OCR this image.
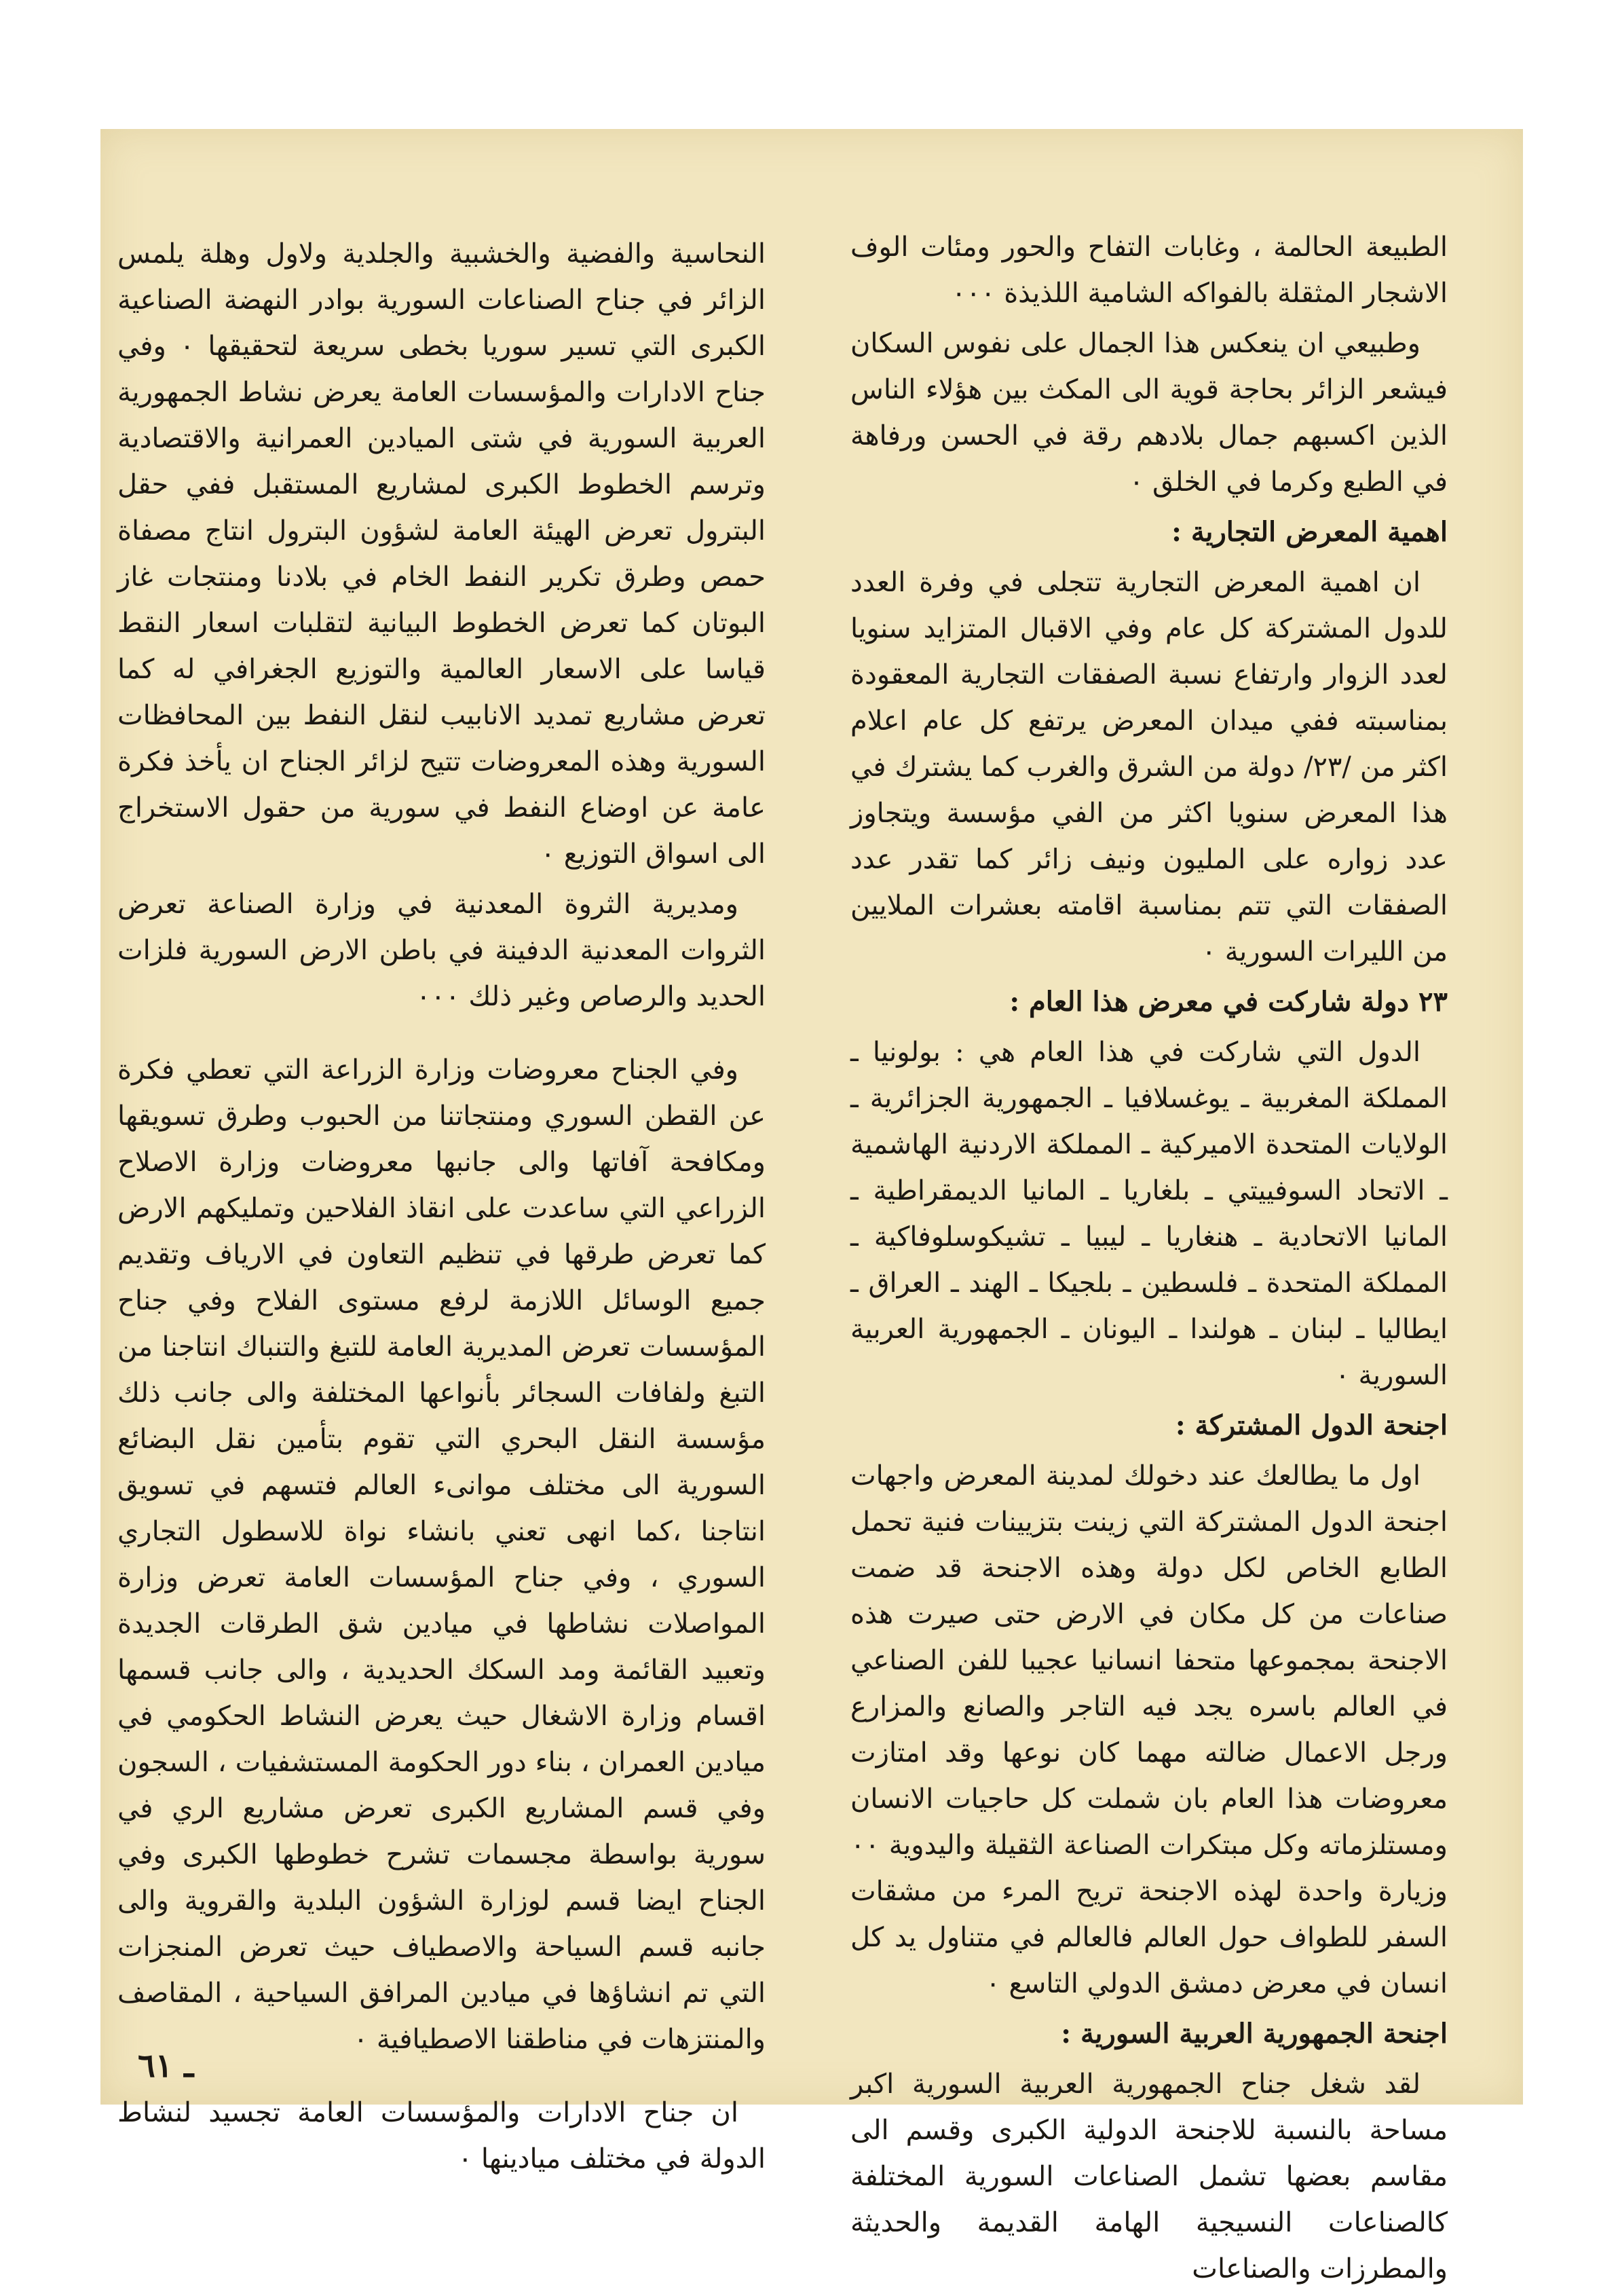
الطبيعة الحالمة ، وغابات التفاح والحور ومئات الوف الاشجار المثقلة بالفواكه الشامية اللذيذة ٠٠٠

وطبيعي ان ينعكس هذا الجمال على نفوس السكان فيشعر الزائر بحاجة قوية الى المكث بين هؤلاء الناس الذين اكسبهم جمال بلادهم رقة في الحسن ورفاهة في الطبع وكرما في الخلق ٠

اهمية المعرض التجارية :

ان اهمية المعرض التجارية تتجلى في وفرة العدد للدول المشتركة كل عام وفي الاقبال المتزايد سنويا لعدد الزوار وارتفاع نسبة الصفقات التجارية المعقودة بمناسبته ففي ميدان المعرض يرتفع كل عام اعلام اكثر من /٢٣/ دولة من الشرق والغرب كما يشترك في هذا المعرض سنويا اكثر من الفي مؤسسة ويتجاوز عدد زواره على المليون ونيف زائر كما تقدر عدد الصفقات التي تتم بمناسبة اقامته بعشرات الملايين من الليرات السورية ٠

٢٣ دولة شاركت في معرض هذا العام :

الدول التي شاركت في هذا العام هي : بولونيا ـ المملكة المغربية ـ يوغسلافيا ـ الجمهورية الجزائرية ـ الولايات المتحدة الاميركية ـ المملكة الاردنية الهاشمية ـ الاتحاد السوفييتي ـ بلغاريا ـ المانيا الديمقراطية ـ المانيا الاتحادية ـ هنغاريا ـ ليبيا ـ تشيكوسلوفاكية ـ المملكة المتحدة ـ فلسطين ـ بلجيكا ـ الهند ـ العراق ـ ايطاليا ـ لبنان ـ هولندا ـ اليونان ـ الجمهورية العربية السورية ٠

اجنحة الدول المشتركة :

اول ما يطالعك عند دخولك لمدينة المعرض واجهات اجنحة الدول المشتركة التي زينت بتزيينات فنية تحمل الطابع الخاص لكل دولة وهذه الاجنحة قد ضمت صناعات من كل مكان في الارض حتى صيرت هذه الاجنحة بمجموعها متحفا انسانيا عجيبا للفن الصناعي في العالم باسره يجد فيه التاجر والصانع والمزارع ورجل الاعمال ضالته مهما كان نوعها وقد امتازت معروضات هذا العام بان شملت كل حاجيات الانسان ومستلزماته وكل مبتكرات الصناعة الثقيلة واليدوية ٠٠ وزيارة واحدة لهذه الاجنحة تريح المرء من مشقات السفر للطواف حول العالم فالعالم في متناول يد كل انسان في معرض دمشق الدولي التاسع ٠

اجنحة الجمهورية العربية السورية :

لقد شغل جناح الجمهورية العربية السورية اكبر مساحة بالنسبة للاجنحة الدولية الكبرى وقسم الى مقاسم بعضها تشمل الصناعات السورية المختلفة كالصناعات النسيجية الهامة القديمة والحديثة والمطرزات والصناعات

النحاسية والفضية والخشبية والجلدية ولاول وهلة يلمس الزائر في جناح الصناعات السورية بوادر النهضة الصناعية الكبرى التي تسير سوريا بخطى سريعة لتحقيقها ٠ وفي جناح الادارات والمؤسسات العامة يعرض نشاط الجمهورية العربية السورية في شتى الميادين العمرانية والاقتصادية وترسم الخطوط الكبرى لمشاريع المستقبل ففي حقل البترول تعرض الهيئة العامة لشؤون البترول انتاج مصفاة حمص وطرق تكرير النفط الخام في بلادنا ومنتجات غاز البوتان كما تعرض الخطوط البيانية لتقلبات اسعار النقط قياسا على الاسعار العالمية والتوزيع الجغرافي له كما تعرض مشاريع تمديد الانابيب لنقل النفط بين المحافظات السورية وهذه المعروضات تتيح لزائر الجناح ان يأخذ فكرة عامة عن اوضاع النفط في سورية من حقول الاستخراج الى اسواق التوزيع ٠

ومديرية الثروة المعدنية في وزارة الصناعة تعرض الثروات المعدنية الدفينة في باطن الارض السورية فلزات الحديد والرصاص وغير ذلك ٠٠٠

وفي الجناح معروضات وزارة الزراعة التي تعطي فكرة عن القطن السوري ومنتجاتنا من الحبوب وطرق تسويقها ومكافحة آفاتها والى جانبها معروضات وزارة الاصلاح الزراعي التي ساعدت على انقاذ الفلاحين وتمليكهم الارض كما تعرض طرقها في تنظيم التعاون في الارياف وتقديم جميع الوسائل اللازمة لرفع مستوى الفلاح وفي جناح المؤسسات تعرض المديرية العامة للتبغ والتنباك انتاجنا من التبغ ولفافات السجائر بأنواعها المختلفة والى جانب ذلك مؤسسة النقل البحري التي تقوم بتأمين نقل البضائع السورية الى مختلف موانىء العالم فتسهم في تسويق انتاجنا ،كما انهى تعني بانشاء نواة للاسطول التجاري السوري ، وفي جناح المؤسسات العامة تعرض وزارة المواصلات نشاطها في ميادين شق الطرقات الجديدة وتعبيد القائمة ومد السكك الحديدية ، والى جانب قسمها اقسام وزارة الاشغال حيث يعرض النشاط الحكومي في ميادين العمران ، بناء دور الحكومة المستشفيات ، السجون وفي قسم المشاريع الكبرى تعرض مشاريع الري في سورية بواسطة مجسمات تشرح خطوطها الكبرى وفي الجناح ايضا قسم لوزارة الشؤون البلدية والقروية والى جانبه قسم السياحة والاصطياف حيث تعرض المنجزات التي تم انشاؤها في ميادين المرافق السياحية ، المقاصف والمنتزهات في مناطقنا الاصطيافية ٠

ان جناح الادارات والمؤسسات العامة تجسيد لنشاط الدولة في مختلف ميادينها ٠

ـ ٦١
